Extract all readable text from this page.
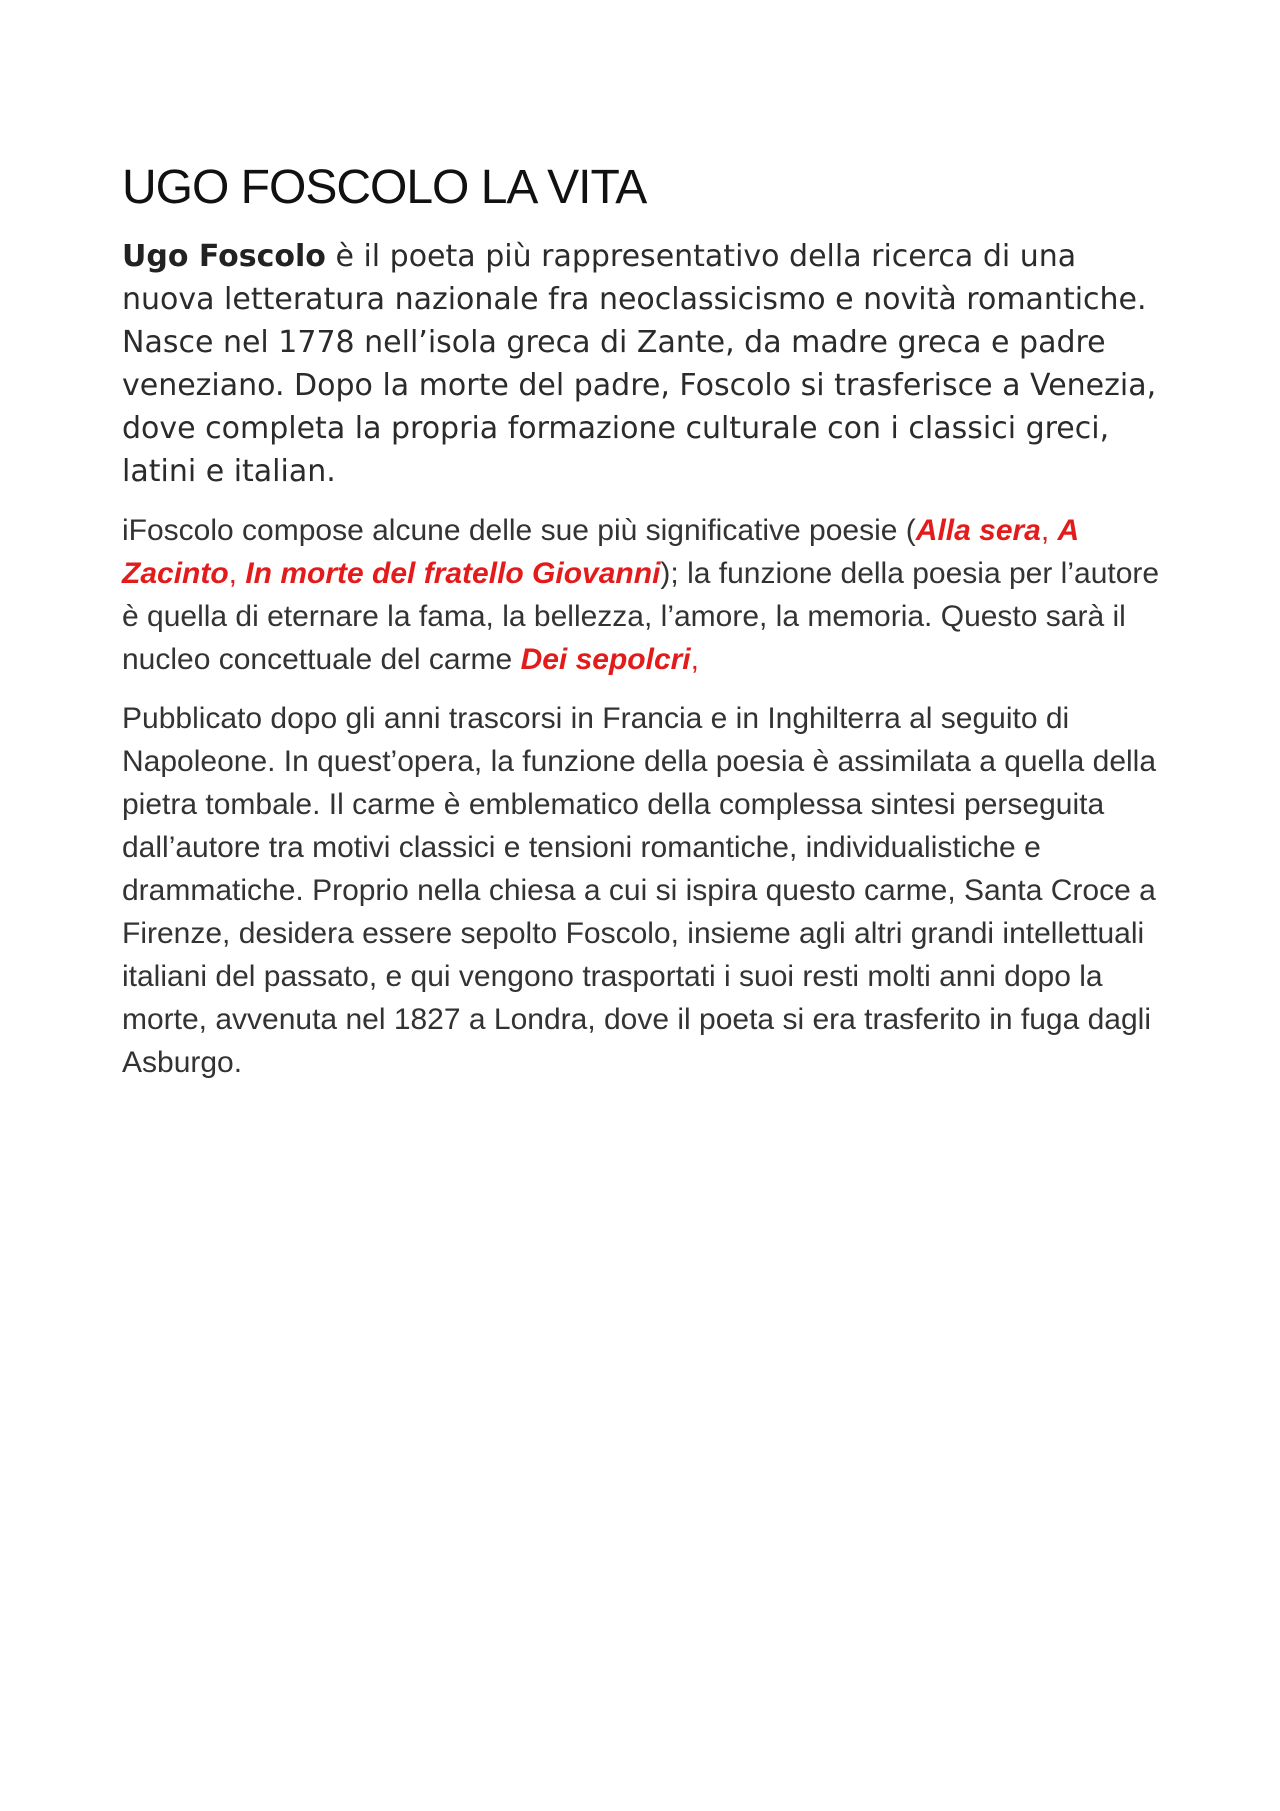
UGO FOSCOLO LA VITA

Ugo Foscolo è il poeta più rappresentativo della ricerca di una nuova letteratura nazionale fra neoclassicismo e novità romantiche. Nasce nel 1778 nell’isola greca di Zante, da madre greca e padre veneziano. Dopo la morte del padre, Foscolo si trasferisce a Venezia, dove completa la propria formazione culturale con i classici greci, latini e italian.

iFoscolo compose alcune delle sue più significative poesie (Alla sera, A Zacinto, In morte del fratello Giovanni); la funzione della poesia per l’autore è quella di eternare la fama, la bellezza, l’amore, la memoria. Questo sarà il nucleo concettuale del carme Dei sepolcri,

Pubblicato dopo gli anni trascorsi in Francia e in Inghilterra al seguito di Napoleone. In quest’opera, la funzione della poesia è assimilata a quella della pietra tombale. Il carme è emblematico della complessa sintesi perseguita dall’autore tra motivi classici e tensioni romantiche, individualistiche e drammatiche. Proprio nella chiesa a cui si ispira questo carme, Santa Croce a Firenze, desidera essere sepolto Foscolo, insieme agli altri grandi intellettuali italiani del passato, e qui vengono trasportati i suoi resti molti anni dopo la morte, avvenuta nel 1827 a Londra, dove il poeta si era trasferito in fuga dagli Asburgo.
